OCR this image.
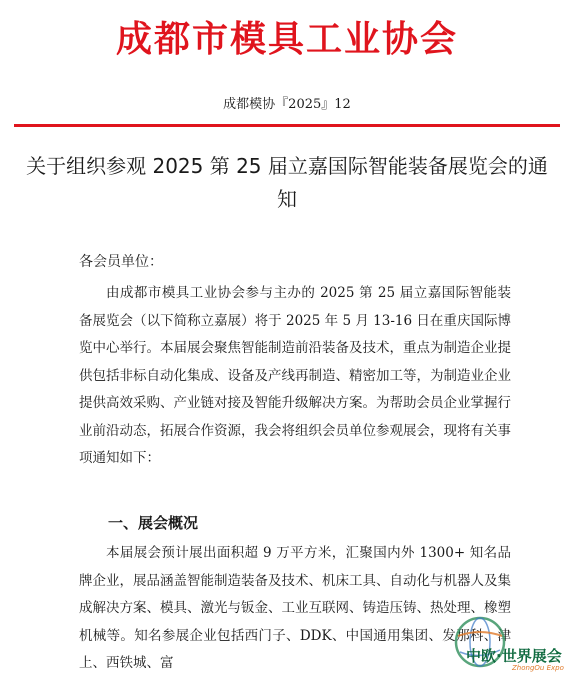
成都市模具工业协会
成都模协『2025』12
关于组织参观 2025 第 25 届立嘉国际智能装备展览会的通知
各会员单位：
由成都市模具工业协会参与主办的 2025 第 25 届立嘉国际智能装备展览会（以下简称立嘉展）将于 2025 年 5 月 13-16 日在重庆国际博览中心举行。本届展会聚焦智能制造前沿装备及技术，重点为制造企业提供包括非标自动化集成、设备及产线再制造、精密加工等，为制造业企业提供高效采购、产业链对接及智能升级解决方案。为帮助会员企业掌握行业前沿动态，拓展合作资源，我会将组织会员单位参观展会，现将有关事项通知如下：
一、展会概况
本届展会预计展出面积超 9 万平方米，汇聚国内外 1300+ 知名品牌企业，展品涵盖智能制造装备及技术、机床工具、自动化与机器人及集成解决方案、模具、激光与钣金、工业互联网、铸造压铸、热处理、橡塑机械等。知名参展企业包括西门子、DDK、中国通用集团、发那科、津上、西铁城、富	中欧·世界展会
ZhongOu Expo
